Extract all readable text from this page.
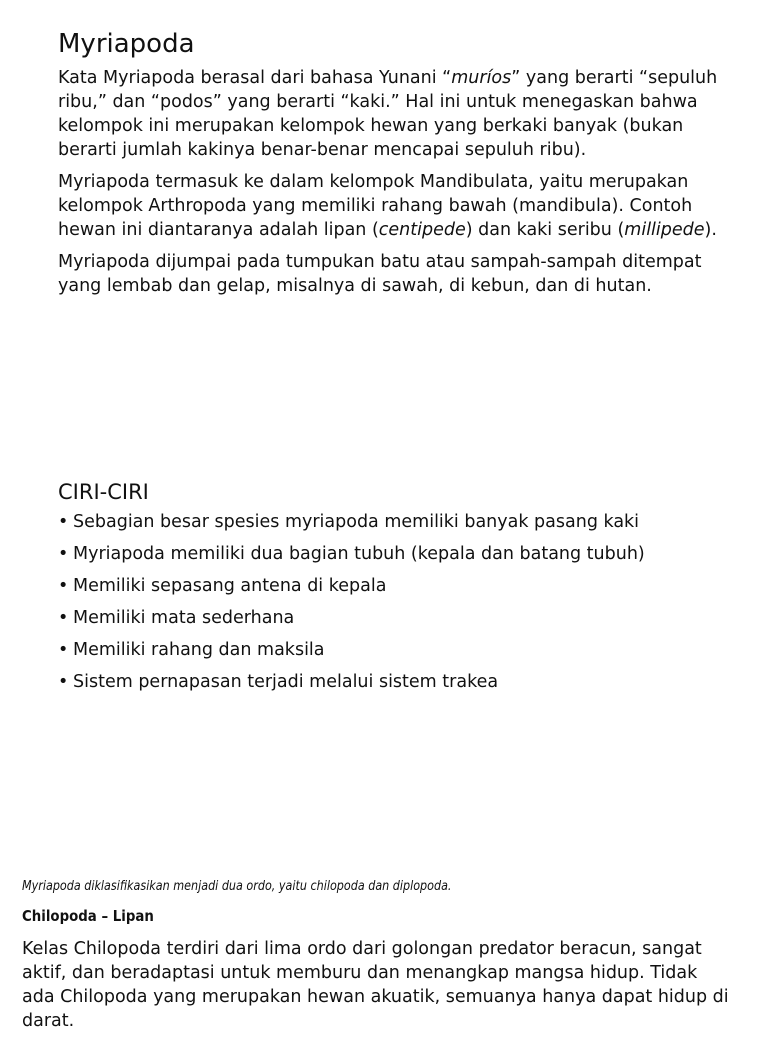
Myriapoda

Kata Myriapoda berasal dari bahasa Yunani “muríos” yang berarti “sepuluh ribu,” dan “podos” yang berarti “kaki.” Hal ini untuk menegaskan bahwa kelompok ini merupakan kelompok hewan yang berkaki banyak (bukan berarti jumlah kakinya benar-benar mencapai sepuluh ribu).

Myriapoda termasuk ke dalam kelompok Mandibulata, yaitu merupakan kelompok Arthropoda yang memiliki rahang bawah (mandibula). Contoh hewan ini diantaranya adalah lipan (centipede) dan kaki seribu (millipede).

Myriapoda dijumpai pada tumpukan batu atau sampah-sampah ditempat yang lembab dan gelap, misalnya di sawah, di kebun, dan di hutan.

CIRI-CIRI
• Sebagian besar spesies myriapoda memiliki banyak pasang kaki
• Myriapoda memiliki dua bagian tubuh (kepala dan batang tubuh)
• Memiliki sepasang antena di kepala
• Memiliki mata sederhana
• Memiliki rahang dan maksila
• Sistem pernapasan terjadi melalui sistem trakea
Myriapoda diklasifikasikan menjadi dua ordo, yaitu chilopoda dan diplopoda.
Chilopoda – Lipan

Kelas Chilopoda terdiri dari lima ordo dari golongan predator beracun, sangat aktif, dan beradaptasi untuk memburu dan menangkap mangsa hidup. Tidak ada Chilopoda yang merupakan hewan akuatik, semuanya hanya dapat hidup di darat.
